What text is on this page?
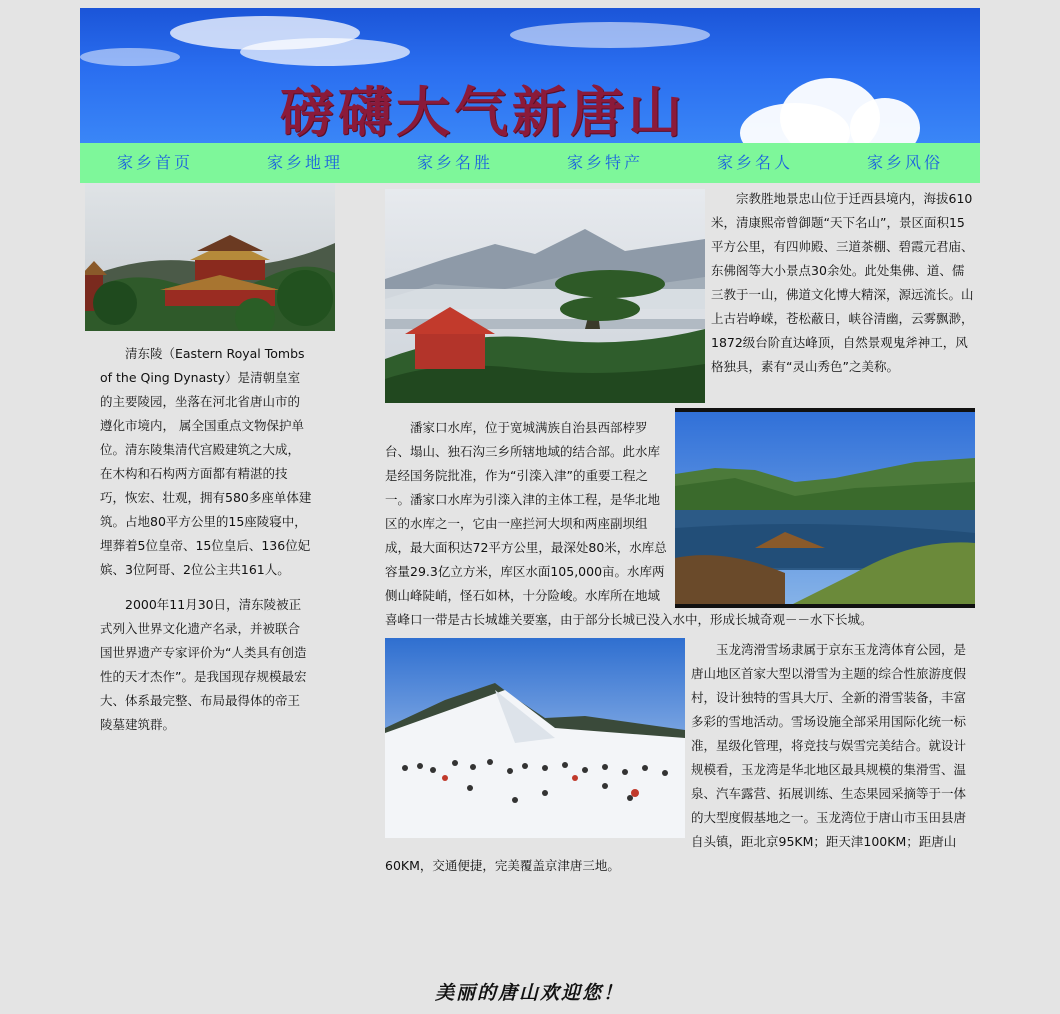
磅礴大气新唐山
家乡首页	家乡地理	家乡名胜	家乡特产	家乡名人	家乡风俗

清东陵（Eastern Royal Tombs of the Qing Dynasty）是清朝皇室的主要陵园，坐落在河北省唐山市的遵化市境内， 属全国重点文物保护单位。清东陵集清代宫殿建筑之大成，在木构和石构两方面都有精湛的技巧，恢宏、壮观，拥有580多座单体建筑。占地80平方公里的15座陵寝中，埋葬着5位皇帝、15位皇后、136位妃嫔、3位阿哥、2位公主共161人。

2000年11月30日，清东陵被正式列入世界文化遗产名录，并被联合国世界遗产专家评价为“人类具有创造性的天才杰作”。是我国现存规模最宏大、体系最完整、布局最得体的帝王陵墓建筑群。

宗教胜地景忠山位于迁西县境内，海拔610米，清康熙帝曾御题“天下名山”，景区面积15平方公里，有四帅殿、三道茶棚、碧霞元君庙、东佛阁等大小景点30余处。此处集佛、道、儒三教于一山，佛道文化博大精深，源远流长。山上古岩峥嵘，苍松蔽日，峡谷清幽，云雾飘渺，1872级台阶直达峰顶，自然景观鬼斧神工，风格独具，素有“灵山秀色”之美称。

潘家口水库，位于宽城满族自治县西部桲罗台、塌山、独石沟三乡所辖地域的结合部。此水库是经国务院批准，作为“引滦入津”的重要工程之一。潘家口水库为引滦入津的主体工程，是华北地区的水库之一，它由一座拦河大坝和两座副坝组成，最大面积达72平方公里，最深处80米，水库总容量29.3亿立方米，库区水面105,000亩。水库两侧山峰陡峭，怪石如林，十分险峻。水库所在地域喜峰口一带是古长城雄关要塞，由于部分长城已没入水中，形成长城奇观－－水下长城。

玉龙湾滑雪场隶属于京东玉龙湾体育公园，是唐山地区首家大型以滑雪为主题的综合性旅游度假村，设计独特的雪具大厅、全新的滑雪装备，丰富多彩的雪地活动。雪场设施全部采用国际化统一标准，星级化管理，将竞技与娱雪完美结合。就设计规模看，玉龙湾是华北地区最具规模的集滑雪、温泉、汽车露营、拓展训练、生态果园采摘等于一体的大型度假基地之一。玉龙湾位于唐山市玉田县唐自头镇，距北京95KM；距天津100KM；距唐山60KM，交通便捷，完美覆盖京津唐三地。

美丽的唐山欢迎您！
